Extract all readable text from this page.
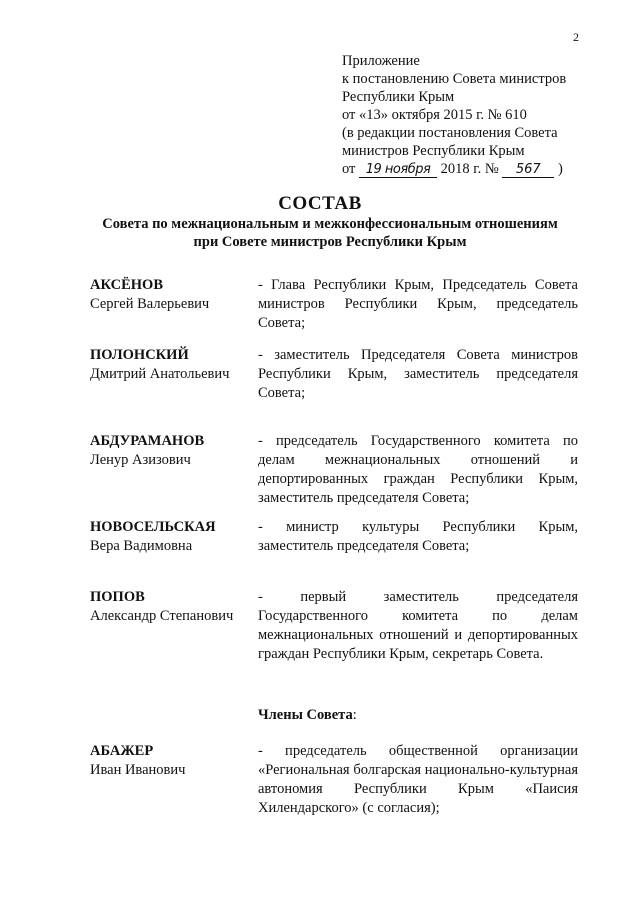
2
Приложение
к постановлению Совета министров
Республики Крым
от «13» октября 2015 г. № 610
(в редакции постановления Совета
министров Республики Крым
от 19 ноября 2018 г. № 567 )
СОСТАВ
Совета по межнациональным и межконфессиональным отношениям
при Совете министров Республики Крым
АКСЁНОВ
Сергей Валерьевич
- Глава Республики Крым, Председатель Совета министров Республики Крым, председатель Совета;
ПОЛОНСКИЙ
Дмитрий Анатольевич
- заместитель Председателя Совета министров Республики Крым, заместитель председателя Совета;
АБДУРАМАНОВ
Ленур Азизович
- председатель Государственного комитета по делам межнациональных отношений и депортированных граждан Республики Крым, заместитель председателя Совета;
НОВОСЕЛЬСКАЯ
Вера Вадимовна
- министр культуры Республики Крым, заместитель председателя Совета;
ПОПОВ
Александр Степанович
- первый заместитель председателя Государственного комитета по делам межнациональных отношений и депортированных граждан Республики Крым, секретарь Совета.
Члены Совета:
АБАЖЕР
Иван Иванович
- председатель общественной организации «Региональная болгарская национально-культурная автономия Республики Крым «Паисия Хилендарского» (с согласия);
